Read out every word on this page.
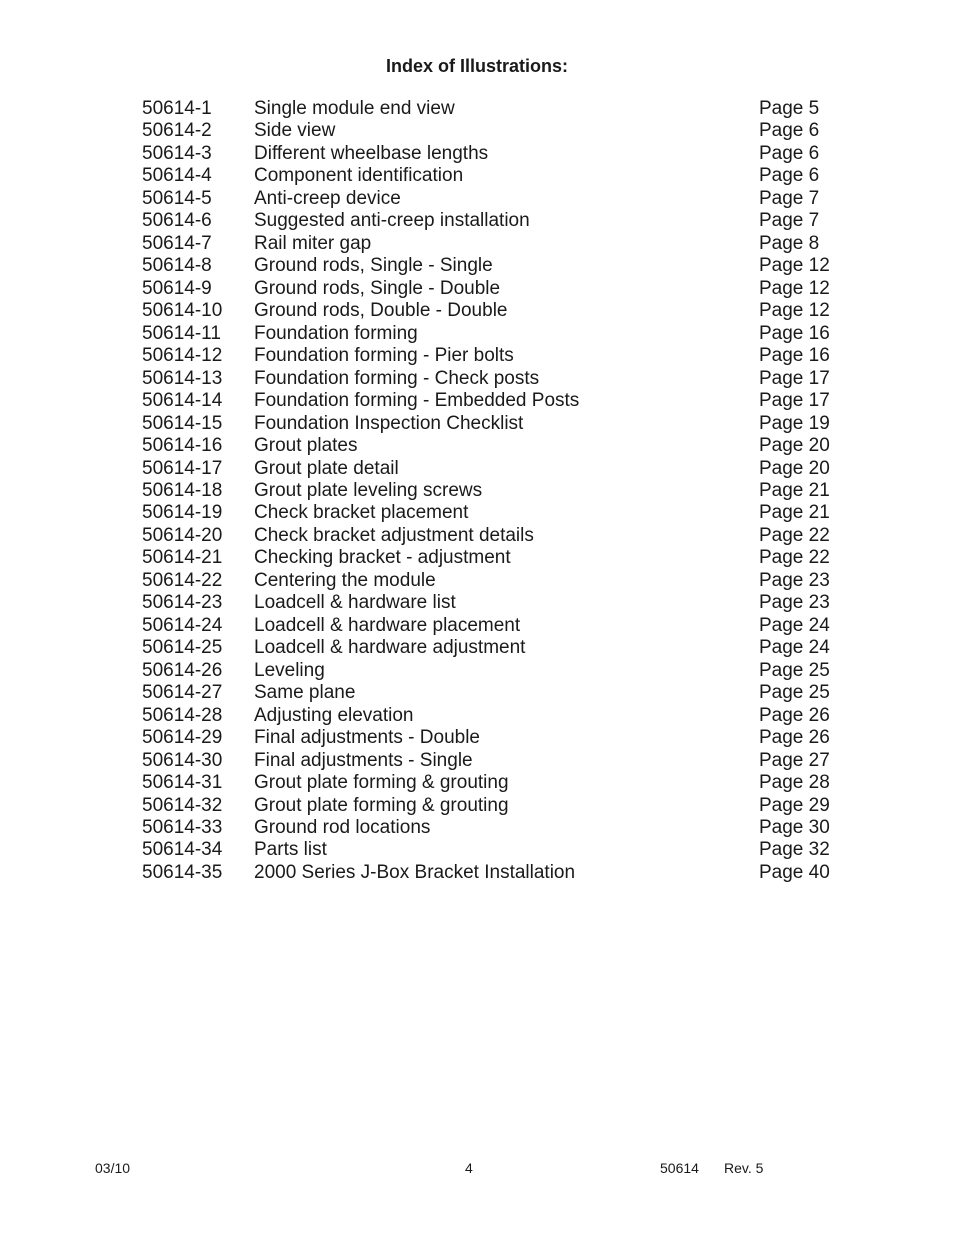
Index of Illustrations:
50614-1 Single module end view	Page 5
50614-2 Side view	Page 6
50614-3 Different wheelbase lengths	Page 6
50614-4 Component identification	Page 6
50614-5 Anti-creep device	Page 7
50614-6 Suggested anti-creep installation	Page 7
50614-7 Rail miter gap	Page 8
50614-8 Ground rods, Single - Single	Page 12
50614-9 Ground rods, Single - Double	Page 12
50614-10 Ground rods, Double - Double	Page 12
50614-11 Foundation forming	Page 16
50614-12 Foundation forming - Pier bolts	Page 16
50614-13 Foundation forming - Check posts	Page 17
50614-14 Foundation forming - Embedded Posts	Page 17
50614-15 Foundation Inspection Checklist	Page 19
50614-16 Grout plates	Page 20
50614-17 Grout plate detail	Page 20
50614-18 Grout plate leveling screws	Page 21
50614-19 Check bracket placement	Page 21
50614-20 Check bracket adjustment details	Page 22
50614-21 Checking bracket - adjustment	Page 22
50614-22 Centering the module	Page 23
50614-23 Loadcell & hardware list	Page 23
50614-24 Loadcell & hardware placement	Page 24
50614-25 Loadcell & hardware adjustment	Page 24
50614-26 Leveling	Page 25
50614-27 Same plane	Page 25
50614-28 Adjusting elevation	Page 26
50614-29 Final adjustments - Double	Page 26
50614-30 Final adjustments - Single	Page 27
50614-31 Grout plate forming & grouting	Page 28
50614-32 Grout plate forming & grouting	Page 29
50614-33 Ground rod locations	Page 30
50614-34 Parts list	Page 32
50614-35 2000 Series J-Box Bracket Installation	Page 40
03/10	4	50614 Rev. 5
